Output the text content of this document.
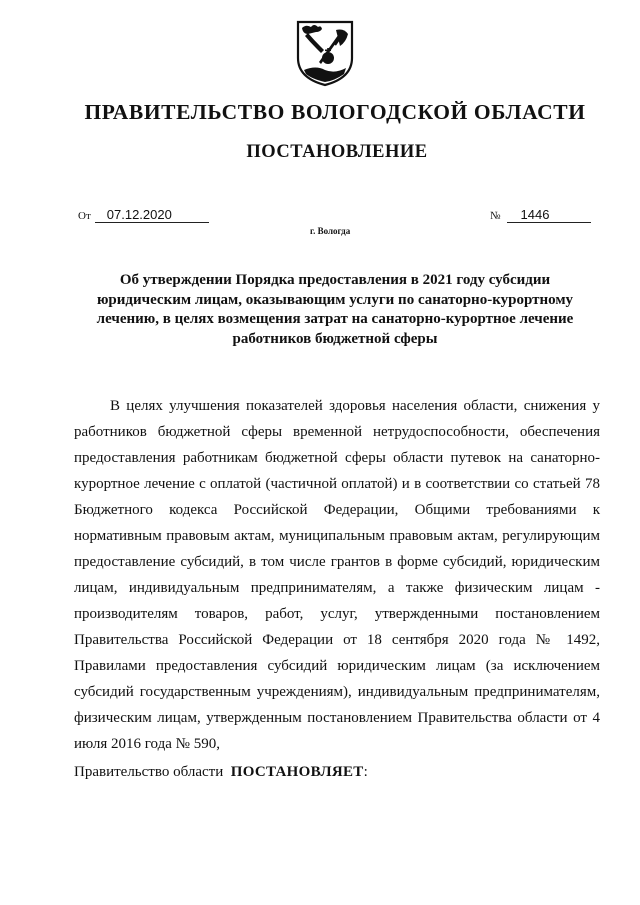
ПРАВИТЕЛЬСТВО ВОЛОГОДСКОЙ ОБЛАСТИ
ПОСТАНОВЛЕНИЕ
От 07.12.2020	№ 1446
г. Вологда
Об утверждении Порядка предоставления в 2021 году субсидии
юридическим лицам, оказывающим услуги по санаторно-курортному
лечению, в целях возмещения затрат на санаторно-курортное лечение
работников бюджетной сферы
В целях улучшения показателей здоровья населения области, снижения у
работников бюджетной сферы временной нетрудоспособности, обеспечения
предоставления работникам бюджетной сферы области путевок на санаторно-
курортное лечение с оплатой (частичной оплатой) и в соответствии со статьей 78
Бюджетного кодекса Российской Федерации, Общими требованиями к
нормативным правовым актам, муниципальным правовым актам, регулирующим
предоставление субсидий, в том числе грантов в форме субсидий, юридическим
лицам, индивидуальным предпринимателям, а также физическим лицам -
производителям товаров, работ, услуг, утвержденными постановлением
Правительства Российской Федерации от 18 сентября 2020 года № 1492,
Правилами предоставления субсидий юридическим лицам (за исключением
субсидий государственным учреждениям), индивидуальным предпринимателям,
физическим лицам, утвержденным постановлением Правительства области от 4
июля 2016 года № 590,
Правительство области ПОСТАНОВЛЯЕТ:
